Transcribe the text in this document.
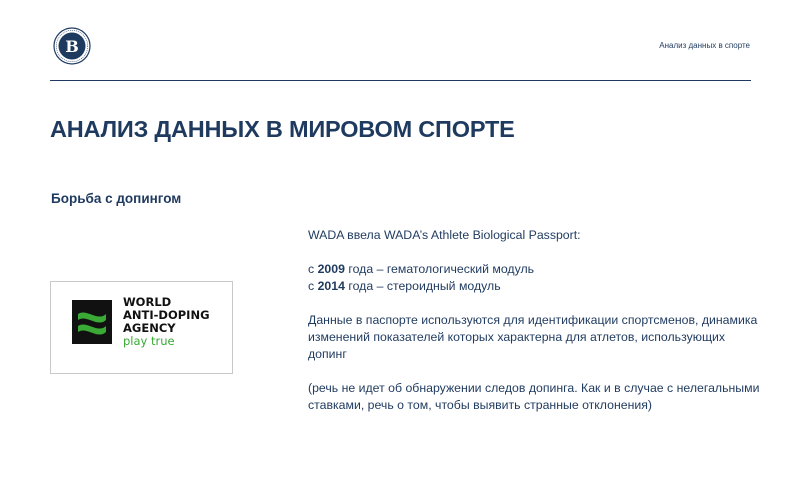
B	Анализ данных в спорте
АНАЛИЗ ДАННЫХ В МИРОВОМ СПОРТЕ
Борьба с допингом
WORLD
ANTI-DOPING
AGENCY
play true

WADA ввела WADA’s Athlete Biological Passport:

с 2009 года – гематологический модуль
с 2014 года – стероидный модуль

Данные в паспорте используются для идентификации спортсменов, динамика изменений показателей которых характерна для атлетов, использующих допинг

(речь не идет об обнаружении следов допинга. Как и в случае с нелегальными ставками, речь о том, чтобы выявить странные отклонения)
